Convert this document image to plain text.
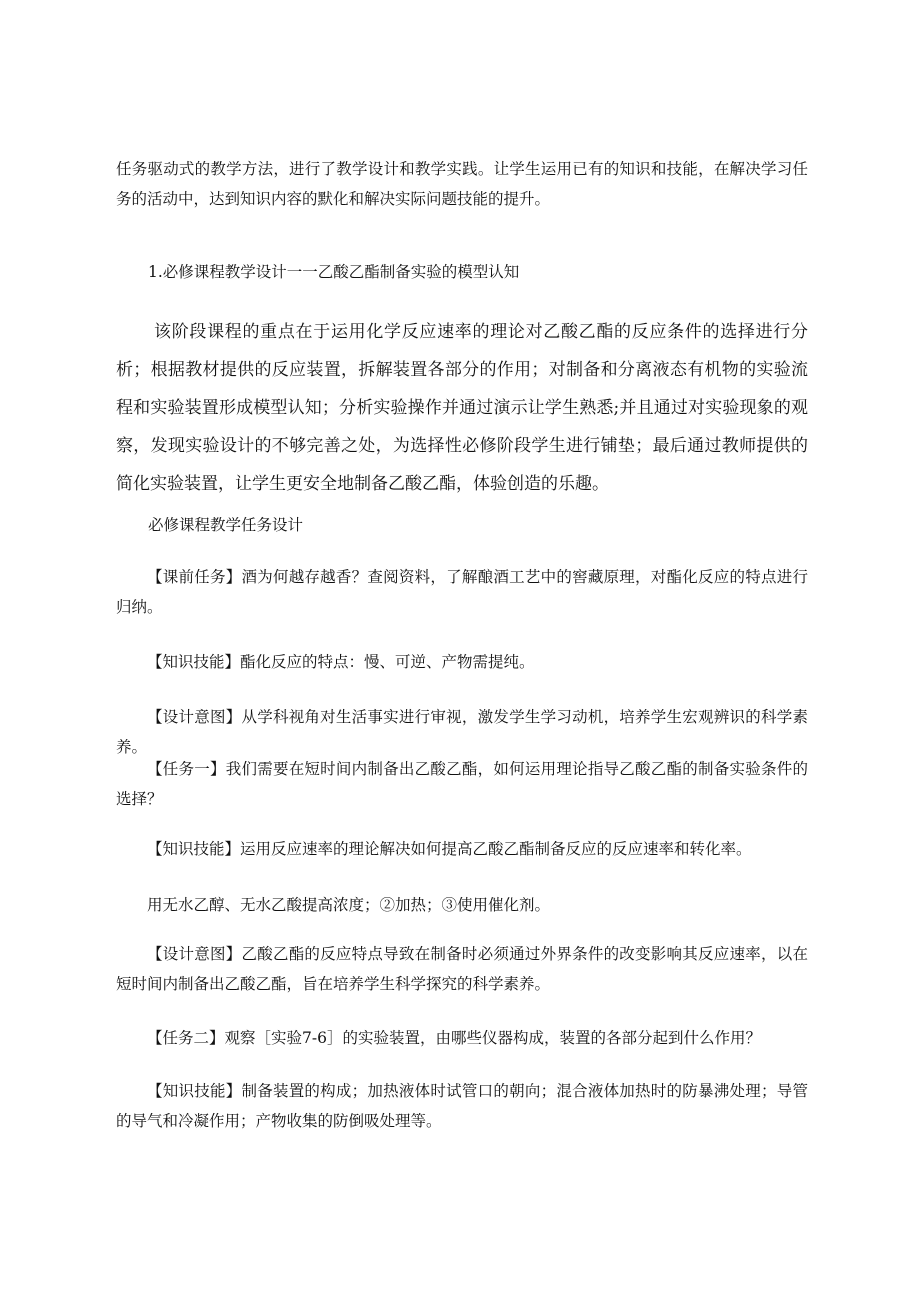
任务驱动式的教学方法，进行了教学设计和教学实践。让学生运用已有的知识和技能，在解决学习任务的活动中，达到知识内容的默化和解决实际问题技能的提升。

1.必修课程教学设计一一乙酸乙酯制备实验的模型认知

该阶段课程的重点在于运用化学反应速率的理论对乙酸乙酯的反应条件的选择进行分析；根据教材提供的反应装置，拆解装置各部分的作用；对制备和分离液态有机物的实验流程和实验装置形成模型认知；分析实验操作并通过演示让学生熟悉;并且通过对实验现象的观察，发现实验设计的不够完善之处，为选择性必修阶段学生进行铺垫；最后通过教师提供的简化实验装置，让学生更安全地制备乙酸乙酯，体验创造的乐趣。

必修课程教学任务设计

【课前任务】酒为何越存越香？查阅资料，了解酿酒工艺中的窖藏原理，对酯化反应的特点进行归纳。

【知识技能】酯化反应的特点：慢、可逆、产物需提纯。

【设计意图】从学科视角对生活事实进行审视，激发学生学习动机，培养学生宏观辨识的科学素养。

【任务一】我们需要在短时间内制备出乙酸乙酯，如何运用理论指导乙酸乙酯的制备实验条件的选择？

【知识技能】运用反应速率的理论解决如何提高乙酸乙酯制备反应的反应速率和转化率。

用无水乙醇、无水乙酸提高浓度；②加热；③使用催化剂。

【设计意图】乙酸乙酯的反应特点导致在制备时必须通过外界条件的改变影响其反应速率，以在短时间内制备出乙酸乙酯，旨在培养学生科学探究的科学素养。

【任务二】观察［实验7-6］的实验装置，由哪些仪器构成，装置的各部分起到什么作用？

【知识技能】制备装置的构成；加热液体时试管口的朝向；混合液体加热时的防暴沸处理；导管的导气和冷凝作用；产物收集的防倒吸处理等。
